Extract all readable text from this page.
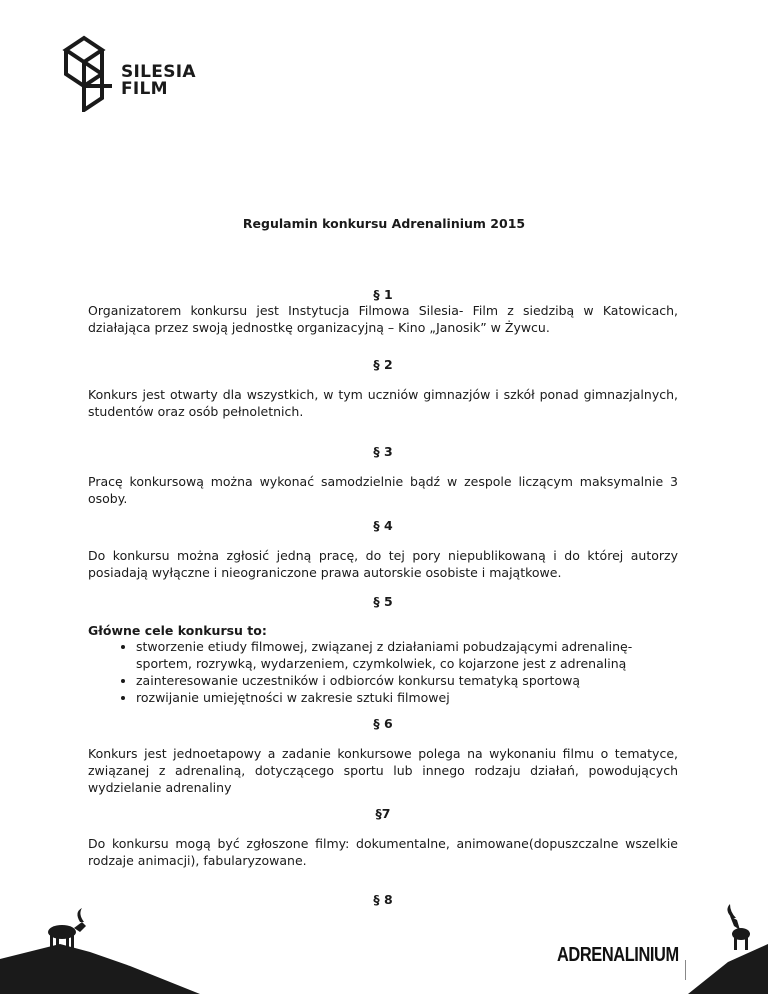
SILESIA
FILM
Regulamin konkursu Adrenalinium 2015

§ 1

Organizatorem konkursu jest Instytucja Filmowa Silesia- Film z siedzibą w Katowicach, działająca przez swoją jednostkę organizacyjną – Kino „Janosik” w Żywcu.

§ 2

Konkurs jest otwarty dla wszystkich, w tym uczniów gimnazjów i szkół ponad gimnazjalnych, studentów oraz osób pełnoletnich.

§ 3

Pracę konkursową można wykonać samodzielnie bądź w zespole liczącym maksymalnie 3 osoby.

§ 4

Do konkursu można zgłosić jedną pracę, do tej pory niepublikowaną i do której autorzy posiadają wyłączne i nieograniczone prawa autorskie osobiste i majątkowe.

§ 5

Główne cele konkursu to:

• stworzenie etiudy filmowej, związanej z działaniami pobudzającymi adrenalinę- sportem, rozrywką, wydarzeniem, czymkolwiek, co kojarzone jest z adrenaliną
• zainteresowanie uczestników i odbiorców konkursu tematyką sportową
• rozwijanie umiejętności w zakresie sztuki filmowej

§ 6

Konkurs jest jednoetapowy a zadanie konkursowe polega na wykonaniu filmu o tematyce, związanej z adrenaliną, dotyczącego sportu lub innego rodzaju działań, powodujących wydzielanie adrenaliny

§7

Do konkursu mogą być zgłoszone filmy: dokumentalne, animowane(dopuszczalne wszelkie rodzaje animacji), fabularyzowane.

§ 8

ADRENALINIUM
